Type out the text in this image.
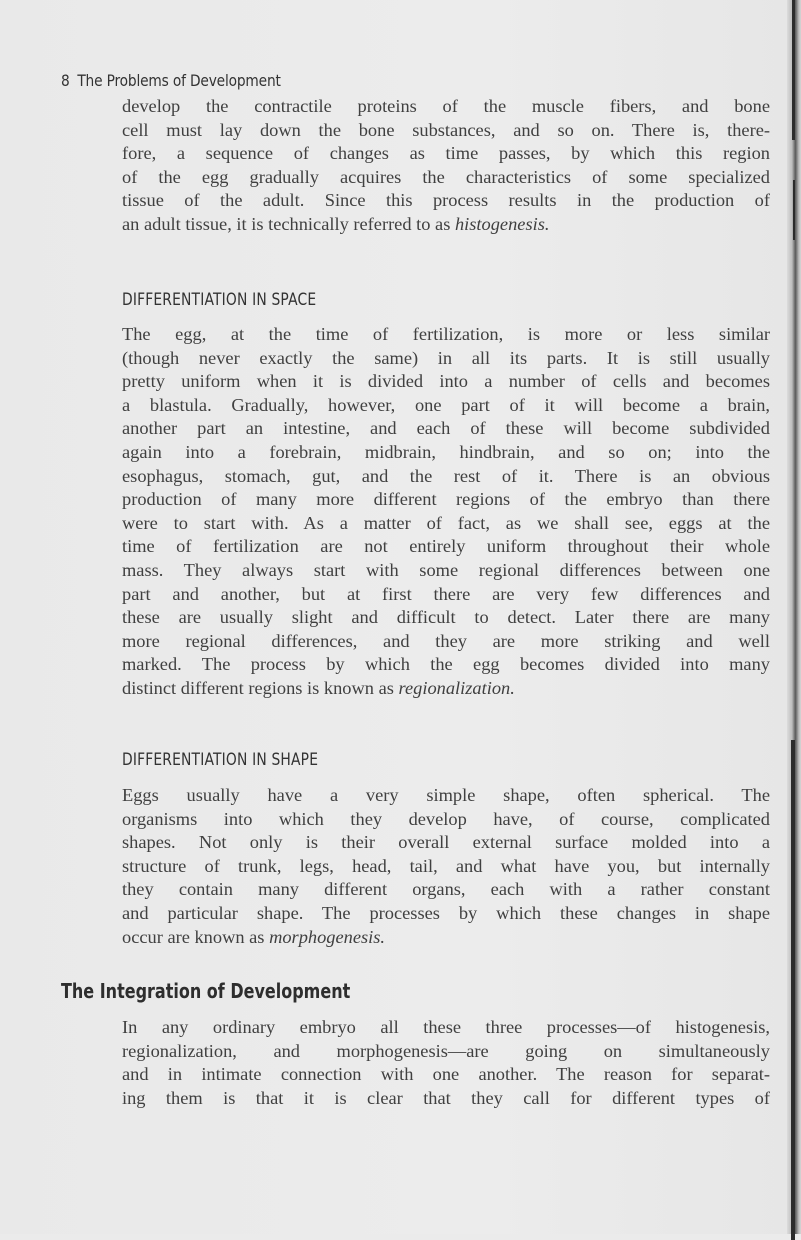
8 The Problems of Development
develop the contractile proteins of the muscle fibers, and bone
cell must lay down the bone substances, and so on. There is, there-
fore, a sequence of changes as time passes, by which this region
of the egg gradually acquires the characteristics of some specialized
tissue of the adult. Since this process results in the production of
an adult tissue, it is technically referred to as histogenesis.
DIFFERENTIATION IN SPACE
The egg, at the time of fertilization, is more or less similar
(though never exactly the same) in all its parts. It is still usually
pretty uniform when it is divided into a number of cells and becomes
a blastula. Gradually, however, one part of it will become a brain,
another part an intestine, and each of these will become subdivided
again into a forebrain, midbrain, hindbrain, and so on; into the
esophagus, stomach, gut, and the rest of it. There is an obvious
production of many more different regions of the embryo than there
were to start with. As a matter of fact, as we shall see, eggs at the
time of fertilization are not entirely uniform throughout their whole
mass. They always start with some regional differences between one
part and another, but at first there are very few differences and
these are usually slight and difficult to detect. Later there are many
more regional differences, and they are more striking and well
marked. The process by which the egg becomes divided into many
distinct different regions is known as regionalization.
DIFFERENTIATION IN SHAPE
Eggs usually have a very simple shape, often spherical. The
organisms into which they develop have, of course, complicated
shapes. Not only is their overall external surface molded into a
structure of trunk, legs, head, tail, and what have you, but internally
they contain many different organs, each with a rather constant
and particular shape. The processes by which these changes in shape
occur are known as morphogenesis.
The Integration of Development
In any ordinary embryo all these three processes—of histogenesis,
regionalization, and morphogenesis—are going on simultaneously
and in intimate connection with one another. The reason for separat-
ing them is that it is clear that they call for different types of
